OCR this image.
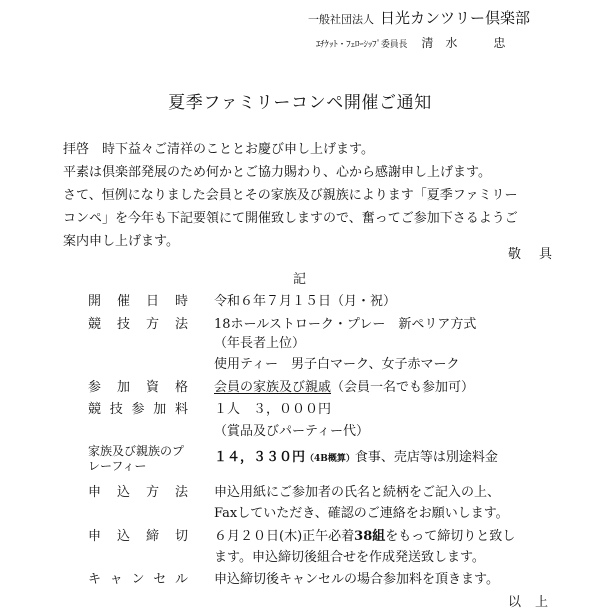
一般社団法人 日光カンツリー倶楽部
ｴﾁｹｯﾄ・ﾌｪﾛｰｼｯﾌﾟ委員長 清水　忠
夏季ファミリーコンペ開催ご通知
拝啓　時下益々ご清祥のこととお慶び申し上げます。
平素は倶楽部発展のため何かとご協力賜わり、心から感謝申し上げます。
さて、恒例になりました会員とその家族及び親族によります「夏季ファミリー
コンペ」を今年も下記要領にて開催致しますので、奮ってご参加下さるようご
案内申し上げます。
敬具
記
開 催 日 時 令和６年７月１５日（月・祝）
競 技 方 法 18ホールストローク・プレー　新ペリア方式
（年長者上位）
使用ティー　男子白マーク、女子赤マーク
参 加 資 格 会員の家族及び親戚（会員一名でも参加可）
競 技 参 加 料 １人　３，０００円
（賞品及びパーティー代）
家族及び親族のプレーフィー
１４，３３０円（4B概算）食事、売店等は別途料金
申 込 方 法 申込用紙にご参加者の氏名と続柄をご記入の上、
Faxしていただき、確認のご連絡をお願いします。
申 込 締 切 ６月２０日(木)正午必着38組をもって締切りと致し
ます。申込締切後組合せを作成発送致します。
キ ャ ン セ ル 申込締切後キャンセルの場合参加料を頂きます。
以上
